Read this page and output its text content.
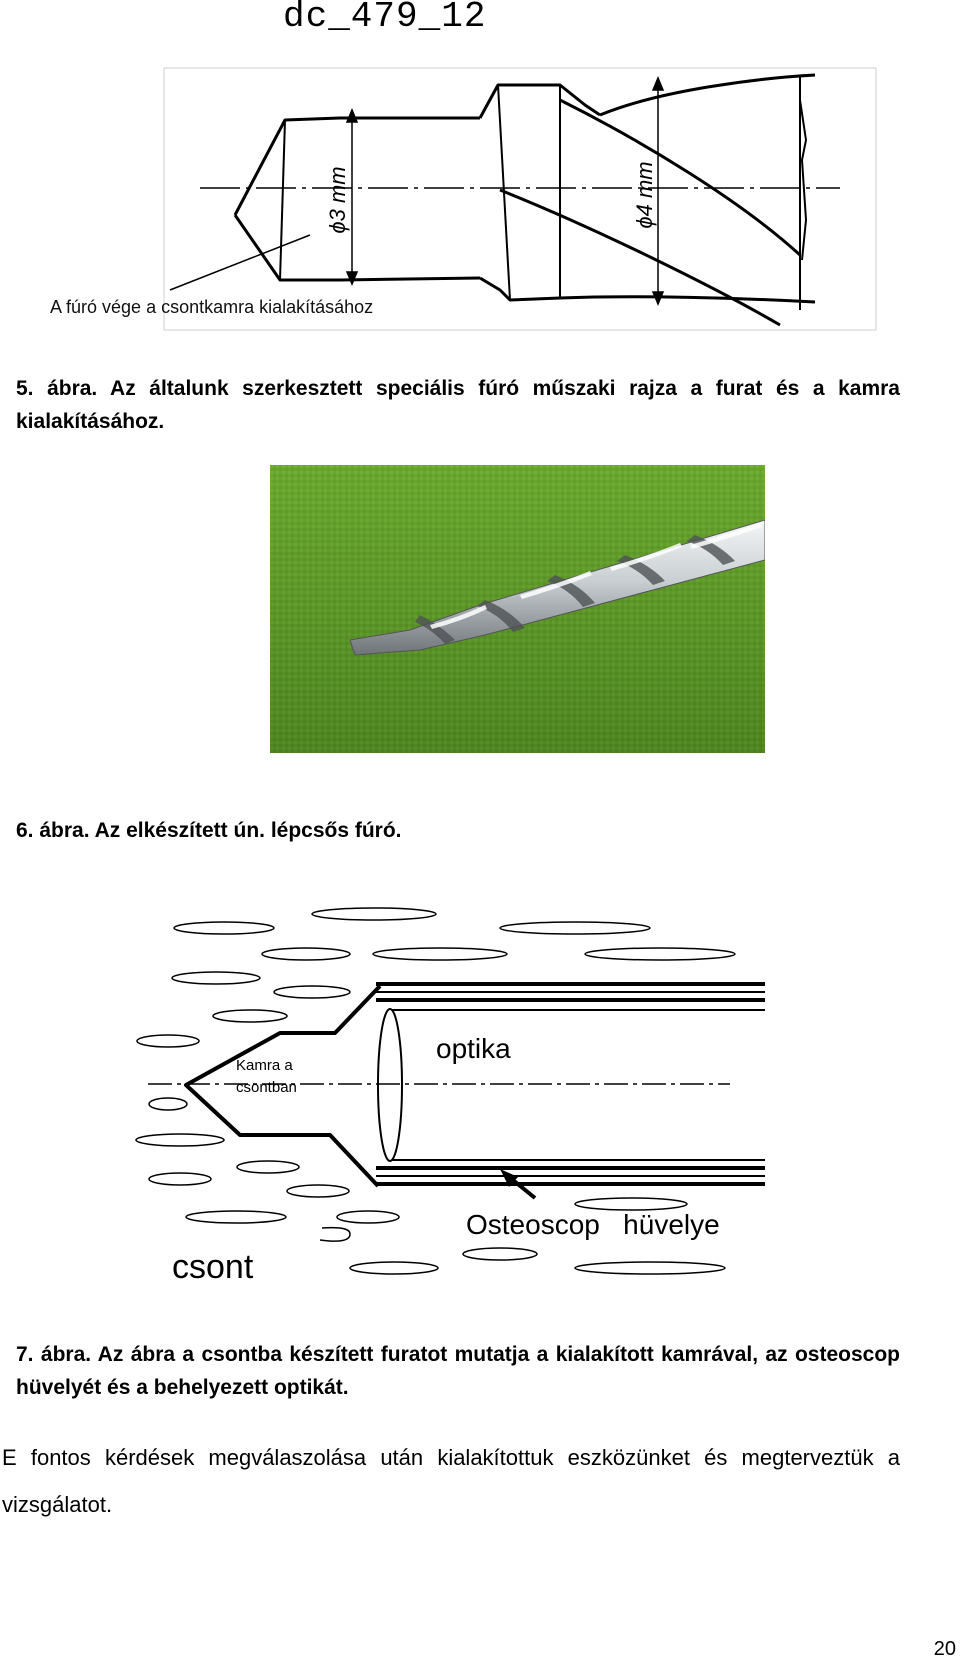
dc_479_12
ϕ3 mm	ϕ4 mm
A fúró vége a csontkamra kialakításához
5. ábra. Az általunk szerkesztett speciális fúró műszaki rajza a furat és a kamra kialakításához.
6. ábra. Az elkészített ún. lépcsős fúró.
Kamra a csontban
optika
Osteoscop   hüvelye
csont
7. ábra. Az ábra a csontba készített furatot mutatja a kialakított kamrával, az osteoscop hüvelyét és a behelyezett optikát.
E fontos kérdések megválaszolása után kialakítottuk eszközünket és megterveztük a vizsgálatot.
20
